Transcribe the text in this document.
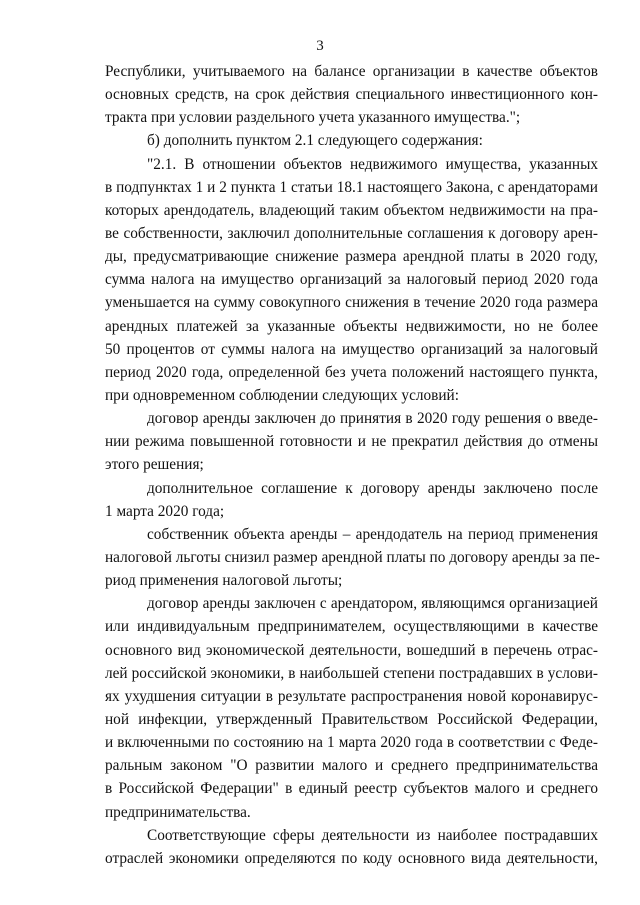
3
Республики, учитываемого на балансе организации в качестве объектов
основных средств, на срок действия специального инвестиционного кон-
тракта при условии раздельного учета указанного имущества.";
б) дополнить пунктом 2.1 следующего содержания:
"2.1. В отношении объектов недвижимого имущества, указанных
в подпунктах 1 и 2 пункта 1 статьи 18.1 настоящего Закона, с арендаторами
которых арендодатель, владеющий таким объектом недвижимости на пра-
ве собственности, заключил дополнительные соглашения к договору арен-
ды, предусматривающие снижение размера арендной платы в 2020 году,
сумма налога на имущество организаций за налоговый период 2020 года
уменьшается на сумму совокупного снижения в течение 2020 года размера
арендных платежей за указанные объекты недвижимости, но не более
50 процентов от суммы налога на имущество организаций за налоговый
период 2020 года, определенной без учета положений настоящего пункта,
при одновременном соблюдении следующих условий:
договор аренды заключен до принятия в 2020 году решения о введе-
нии режима повышенной готовности и не прекратил действия до отмены
этого решения;
дополнительное соглашение к договору аренды заключено после
1 марта 2020 года;
собственник объекта аренды – арендодатель на период применения
налоговой льготы снизил размер арендной платы по договору аренды за пе-
риод применения налоговой льготы;
договор аренды заключен с арендатором, являющимся организацией
или индивидуальным предпринимателем, осуществляющими в качестве
основного вид экономической деятельности, вошедший в перечень отрас-
лей российской экономики, в наибольшей степени пострадавших в услови-
ях ухудшения ситуации в результате распространения новой коронавирус-
ной инфекции, утвержденный Правительством Российской Федерации,
и включенными по состоянию на 1 марта 2020 года в соответствии с Феде-
ральным законом "О развитии малого и среднего предпринимательства
в Российской Федерации" в единый реестр субъектов малого и среднего
предпринимательства.
Соответствующие сферы деятельности из наиболее пострадавших
отраслей экономики определяются по коду основного вида деятельности,
